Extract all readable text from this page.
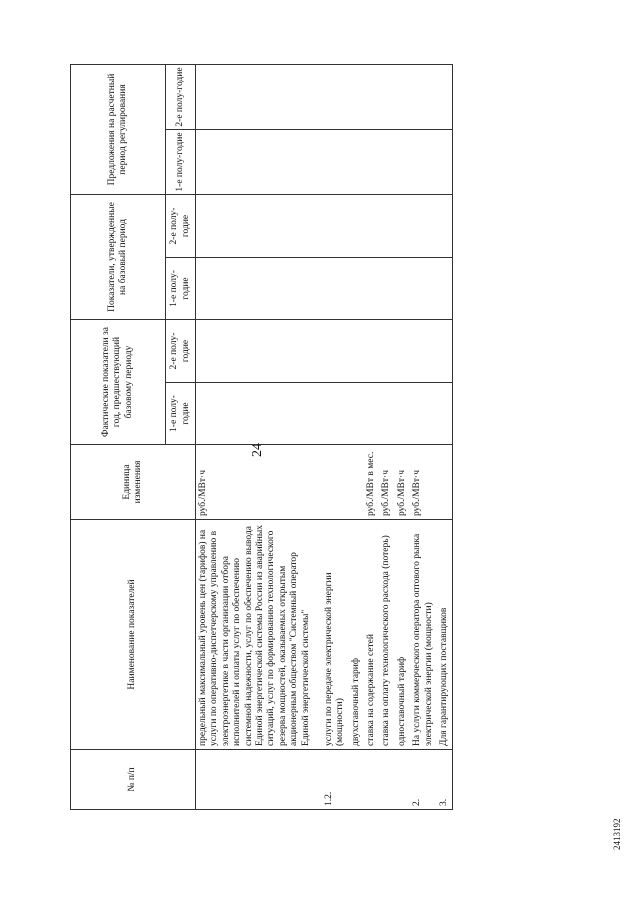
24
№ п/п	Наименование показателей	Единица изменения	Фактические показатели за год, предшествующий базовому периоду		Показатели, утвержденные на базовый период		Предложения на расчетный период регулирования	
			1-е полу-годие	2-е полу-годие	1-е полу-годие	2-е полу-годие	1-е полу-годие	2-е полу-годие
	предельный максимальный уровень цен (тарифов) на услуги по оперативно-диспетчерскому управлению в электроэнергетике в части организации отбора исполнителей и оплаты услуг по обеспечению системной надежности, услуг по обеспечению вывода Единой энергетической системы России из аварийных ситуаций, услуг по формированию технологического резерва мощностей, оказываемых открытым акционерным обществом "Системный оператор Единой энергетической системы"	руб./МВт·ч						

1.2.	услуги по передаче электрической энергии (мощности)							
	двухставочный тариф							
	ставка на содержание сетей	руб./МВт в мес.						
	ставка на оплату технологического расхода (потерь)	руб./МВт·ч						
	одноставочный тариф	руб./МВт·ч						
2.	На услуги коммерческого оператора оптового рынка электрической энергии (мощности)	руб./МВт·ч						
3.	Для гарантирующих поставщиков							
2413192
